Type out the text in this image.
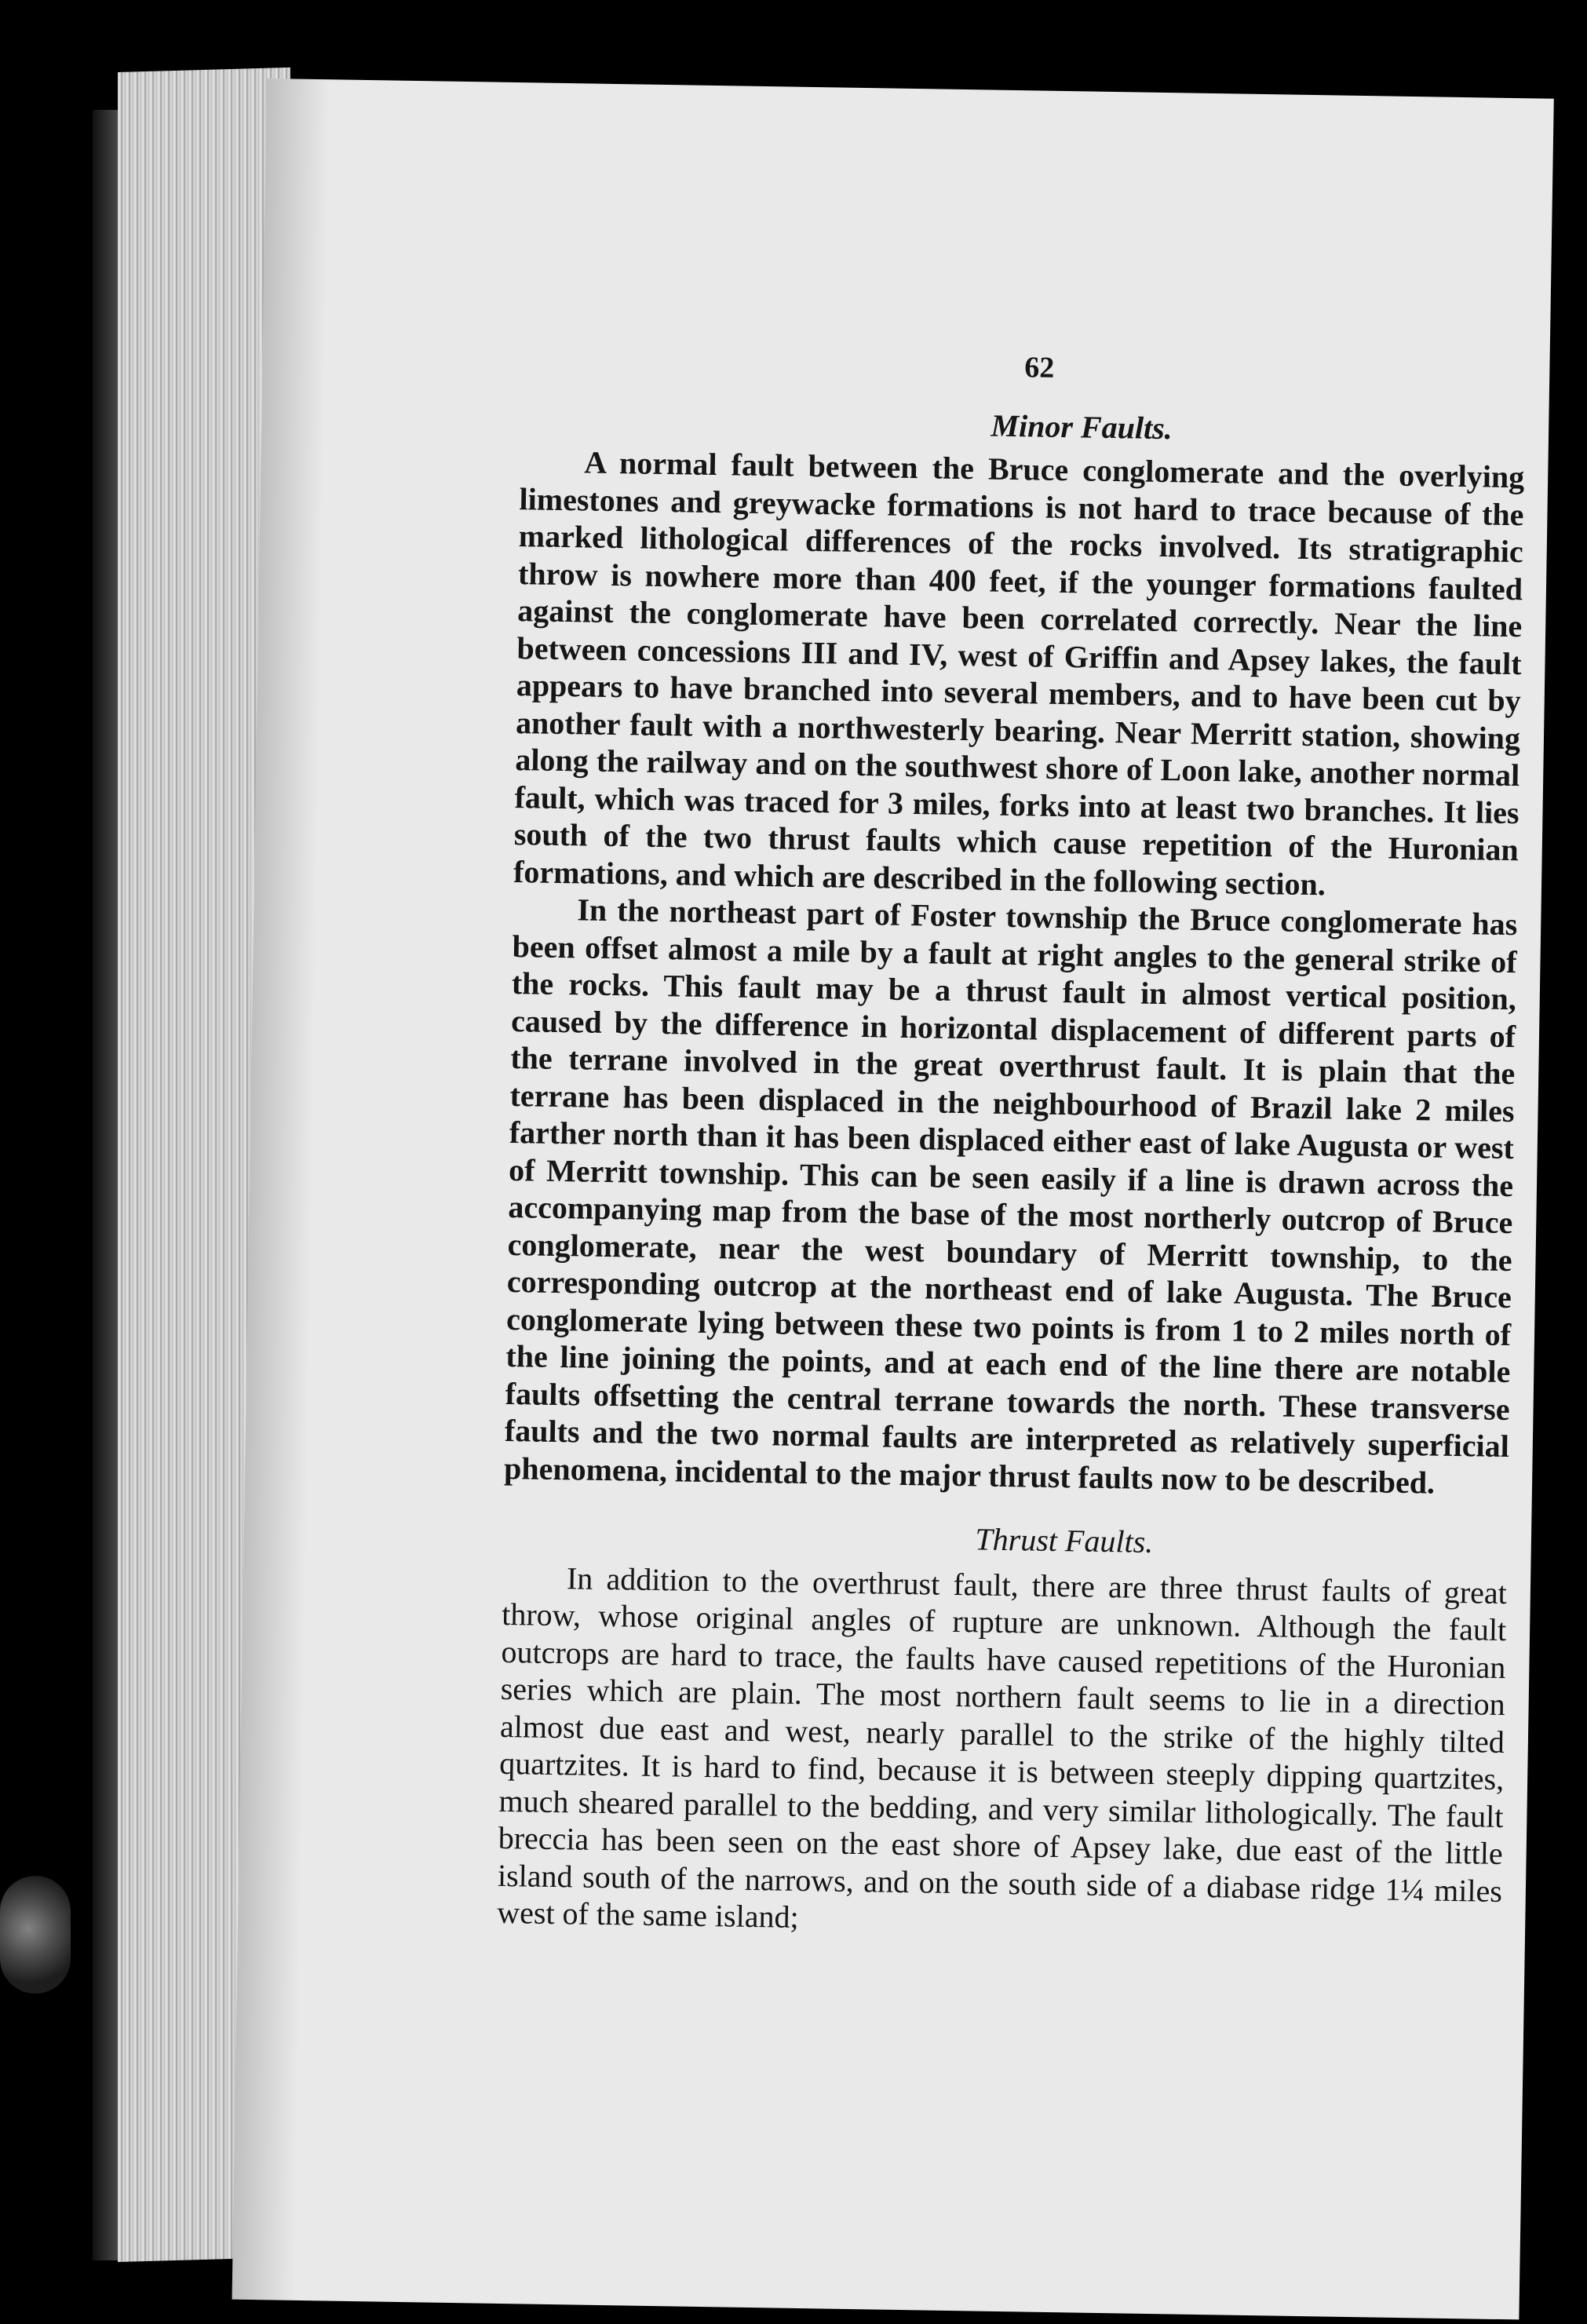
62
Minor Faults.

A normal fault between the Bruce conglomerate and the overlying limestones and greywacke formations is not hard to trace because of the marked lithological differences of the rocks involved. Its stratigraphic throw is nowhere more than 400 feet, if the younger formations faulted against the conglomerate have been correlated correctly. Near the line between concessions III and IV, west of Griffin and Apsey lakes, the fault appears to have branched into several members, and to have been cut by another fault with a northwesterly bearing. Near Merritt station, showing along the railway and on the southwest shore of Loon lake, another normal fault, which was traced for 3 miles, forks into at least two branches. It lies south of the two thrust faults which cause repetition of the Huronian formations, and which are described in the following section.

In the northeast part of Foster township the Bruce conglomerate has been offset almost a mile by a fault at right angles to the general strike of the rocks. This fault may be a thrust fault in almost vertical position, caused by the difference in horizontal displacement of different parts of the terrane involved in the great overthrust fault. It is plain that the terrane has been displaced in the neighbourhood of Brazil lake 2 miles farther north than it has been displaced either east of lake Augusta or west of Merritt township. This can be seen easily if a line is drawn across the accompanying map from the base of the most northerly outcrop of Bruce conglomerate, near the west boundary of Merritt township, to the corresponding outcrop at the northeast end of lake Augusta. The Bruce conglomerate lying between these two points is from 1 to 2 miles north of the line joining the points, and at each end of the line there are notable faults offsetting the central terrane towards the north. These transverse faults and the two normal faults are interpreted as relatively superficial phenomena, incidental to the major thrust faults now to be described.

Thrust Faults.

In addition to the overthrust fault, there are three thrust faults of great throw, whose original angles of rupture are unknown. Although the fault outcrops are hard to trace, the faults have caused repetitions of the Huronian series which are plain. The most northern fault seems to lie in a direction almost due east and west, nearly parallel to the strike of the highly tilted quartzites. It is hard to find, because it is between steeply dipping quartzites, much sheared parallel to the bedding, and very similar lithologically. The fault breccia has been seen on the east shore of Apsey lake, due east of the little island south of the narrows, and on the south side of a diabase ridge 1¼ miles west of the same island;
